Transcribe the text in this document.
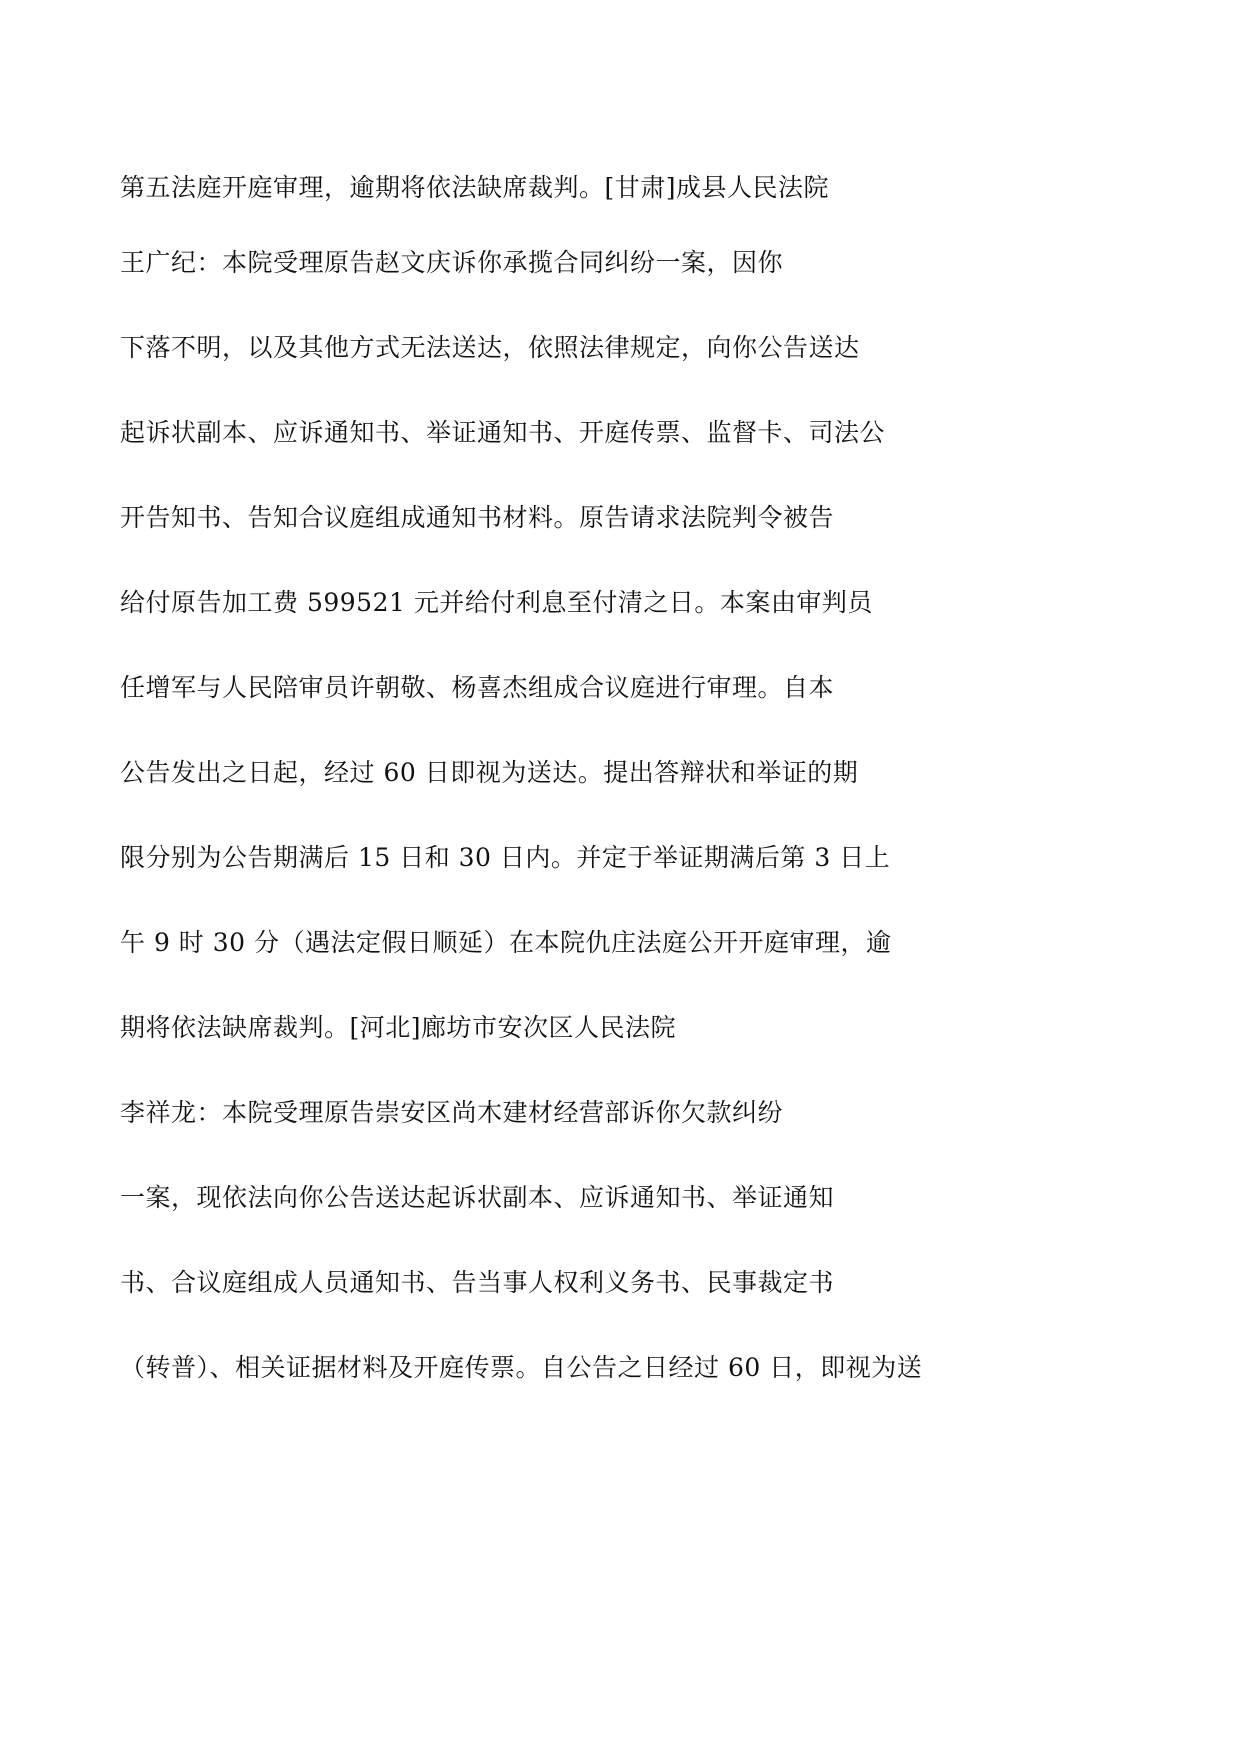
第五法庭开庭审理，逾期将依法缺席裁判。[甘肃]成县人民法院

王广纪：本院受理原告赵文庆诉你承揽合同纠纷一案，因你

下落不明，以及其他方式无法送达，依照法律规定，向你公告送达

起诉状副本、应诉通知书、举证通知书、开庭传票、监督卡、司法公

开告知书、告知合议庭组成通知书材料。原告请求法院判令被告

给付原告加工费 599521 元并给付利息至付清之日。本案由审判员

任增军与人民陪审员许朝敬、杨喜杰组成合议庭进行审理。自本

公告发出之日起，经过 60 日即视为送达。提出答辩状和举证的期

限分别为公告期满后 15 日和 30 日内。并定于举证期满后第 3 日上

午 9 时 30 分（遇法定假日顺延）在本院仇庄法庭公开开庭审理，逾

期将依法缺席裁判。[河北]廊坊市安次区人民法院

李祥龙：本院受理原告崇安区尚木建材经营部诉你欠款纠纷

一案，现依法向你公告送达起诉状副本、应诉通知书、举证通知

书、合议庭组成人员通知书、告当事人权利义务书、民事裁定书

（转普）、相关证据材料及开庭传票。自公告之日经过 60 日，即视为送
